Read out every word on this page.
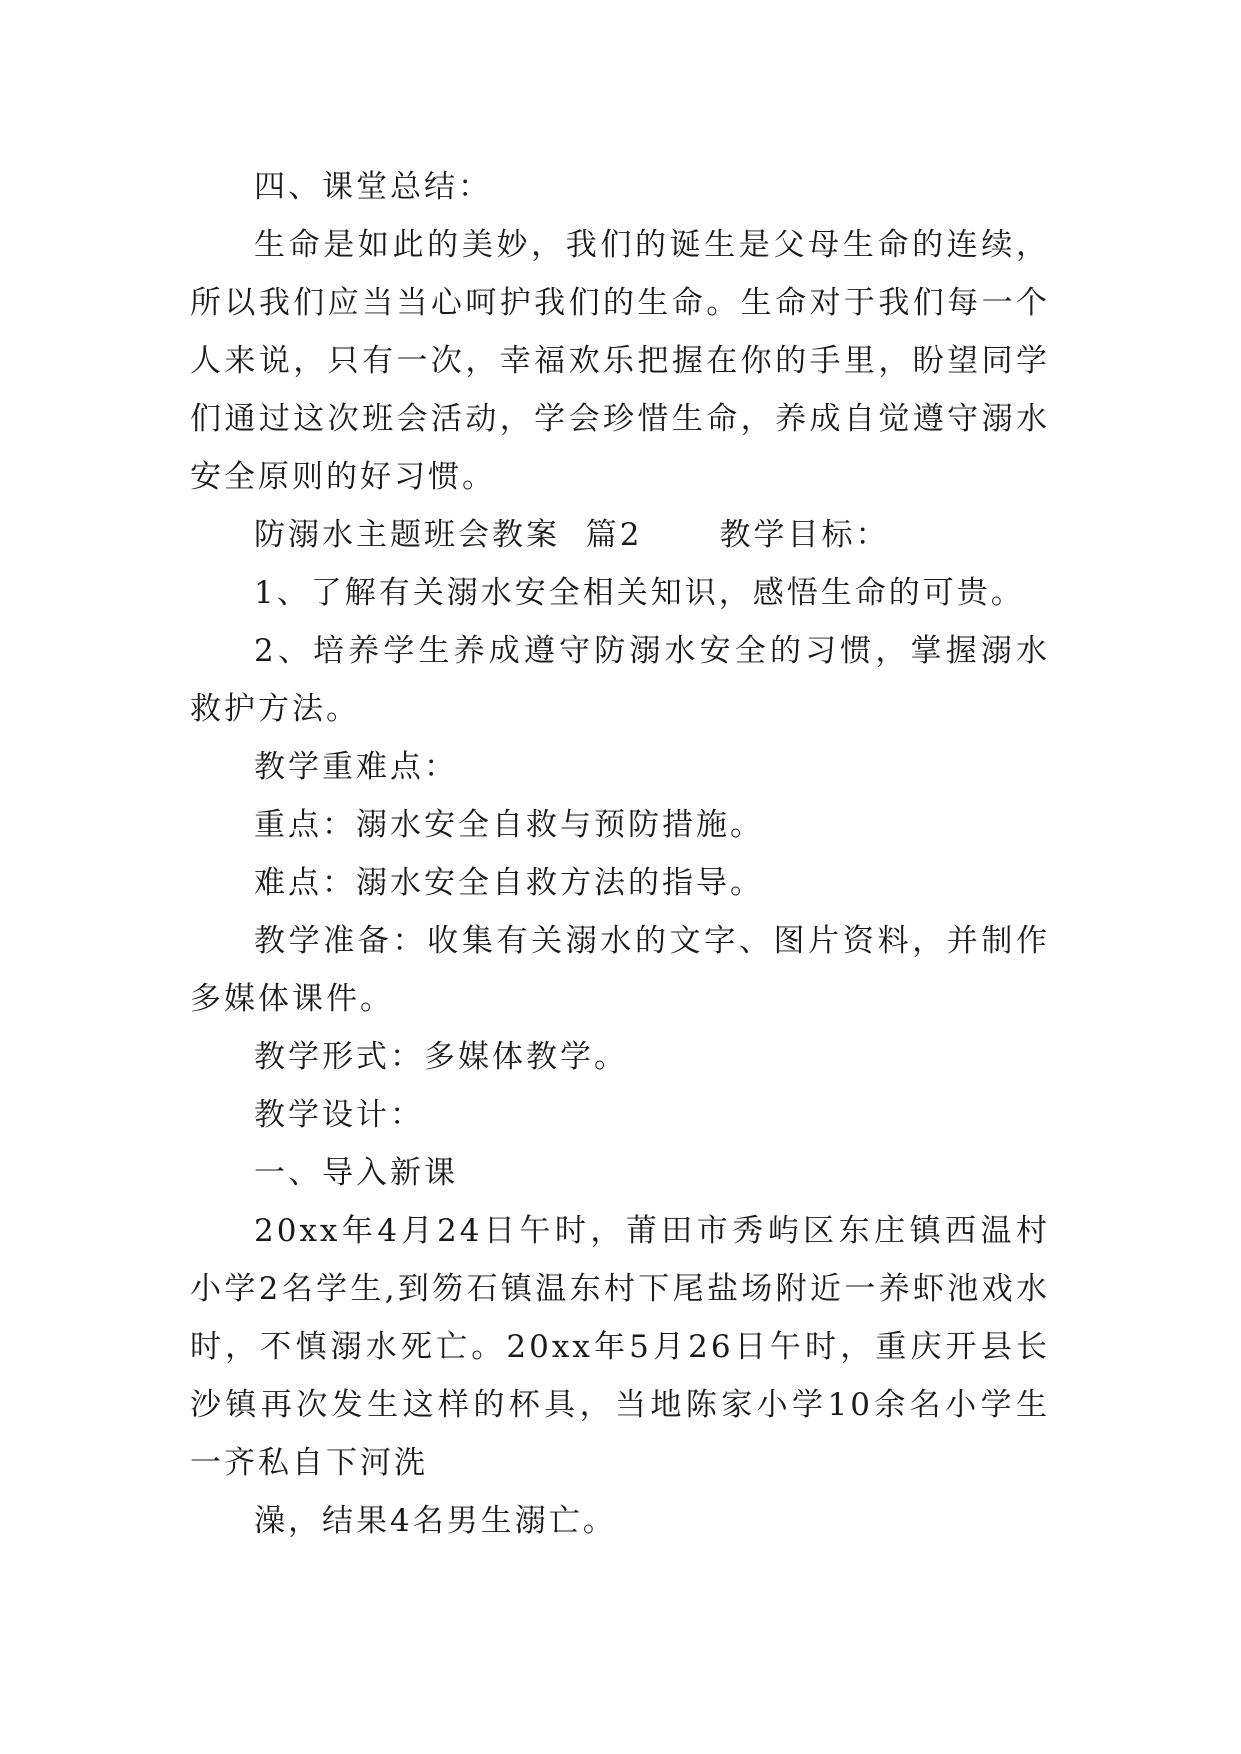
四、课堂总结：

生命是如此的美妙，我们的诞生是父母生命的连续，所以我们应当当心呵护我们的生命。生命对于我们每一个人来说，只有一次，幸福欢乐把握在你的手里，盼望同学们通过这次班会活动，学会珍惜生命，养成自觉遵守溺水安全原则的好习惯。

防溺水主题班会教案  篇2      教学目标：

1、了解有关溺水安全相关知识，感悟生命的可贵。

2、培养学生养成遵守防溺水安全的习惯，掌握溺水救护方法。

教学重难点：

重点：溺水安全自救与预防措施。

难点：溺水安全自救方法的指导。

教学准备：收集有关溺水的文字、图片资料，并制作多媒体课件。

教学形式：多媒体教学。

教学设计：

一、导入新课

20xx年4月24日午时，莆田市秀屿区东庄镇西温村小学2名学生,到笏石镇温东村下尾盐场附近一养虾池戏水时，不慎溺水死亡。20xx年5月26日午时，重庆开县长沙镇再次发生这样的杯具，当地陈家小学10余名小学生一齐私自下河洗

澡，结果4名男生溺亡。
